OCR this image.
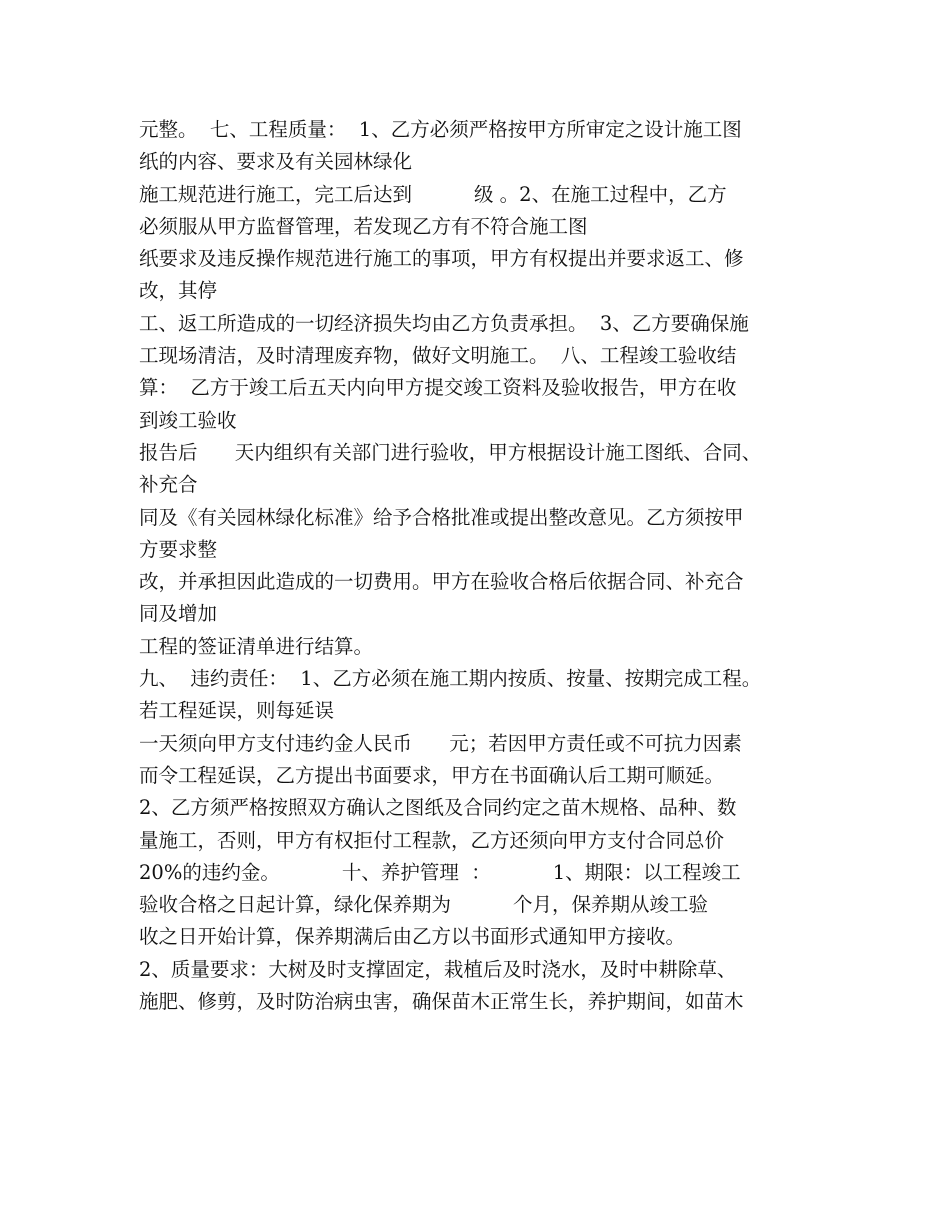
元整。  七、工程质量：  1、乙方必须严格按甲方所审定之设计施工图
纸的内容、要求及有关园林绿化
施工规范进行施工，完工后达到          级 。2、在施工过程中，乙方
必须服从甲方监督管理，若发现乙方有不符合施工图
纸要求及违反操作规范进行施工的事项，甲方有权提出并要求返工、修
改，其停
工、返工所造成的一切经济损失均由乙方负责承担。  3、乙方要确保施
工现场清洁，及时清理废弃物，做好文明施工。  八、工程竣工验收结
算：  乙方于竣工后五天内向甲方提交竣工资料及验收报告，甲方在收
到竣工验收
报告后      天内组织有关部门进行验收，甲方根据设计施工图纸、合同、
补充合
同及《有关园林绿化标准》给予合格批准或提出整改意见。乙方须按甲
方要求整
改，并承担因此造成的一切费用。甲方在验收合格后依据合同、补充合
同及增加
工程的签证清单进行结算。
九、  违约责任：  1、乙方必须在施工期内按质、按量、按期完成工程。
若工程延误，则每延误
一天须向甲方支付违约金人民币      元；若因甲方责任或不可抗力因素
而令工程延误，乙方提出书面要求，甲方在书面确认后工期可顺延。
2、乙方须严格按照双方确认之图纸及合同约定之苗木规格、品种、数
量施工，否则，甲方有权拒付工程款，乙方还须向甲方支付合同总价
20%的违约金。          十、养护管理  ：          1、期限：以工程竣工
验收合格之日起计算，绿化保养期为          个月，保养期从竣工验
收之日开始计算，保养期满后由乙方以书面形式通知甲方接收。
2、质量要求：大树及时支撑固定，栽植后及时浇水，及时中耕除草、
施肥、修剪，及时防治病虫害，确保苗木正常生长，养护期间，如苗木
